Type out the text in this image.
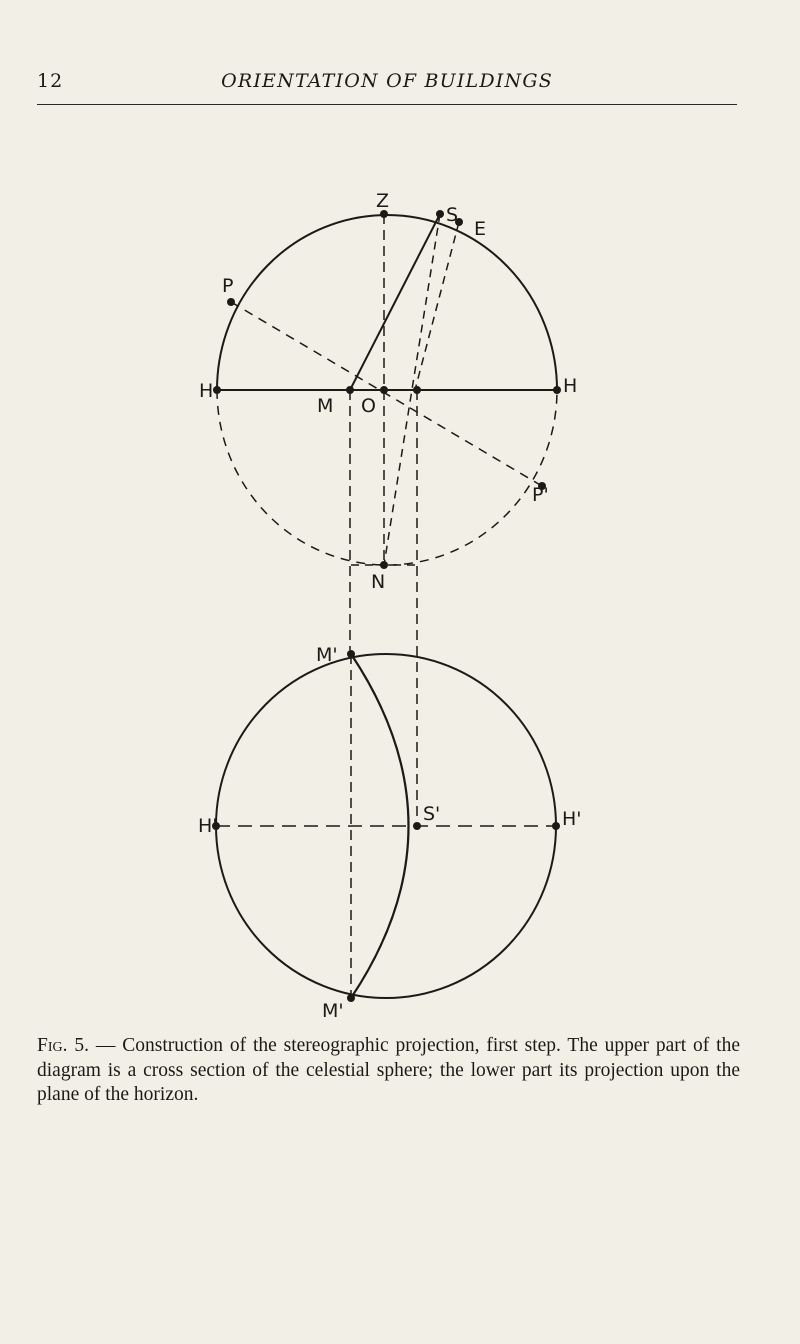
12	ORIENTATION OF BUILDINGS
Z
S
E
P
H	H
M O
P'
N
M'
H'
S'	H'
M'
Fig. 5. — Construction of the stereographic projection, first step. The upper part of the diagram is a cross section of the celestial sphere; the lower part its projection upon the plane of the horizon.
